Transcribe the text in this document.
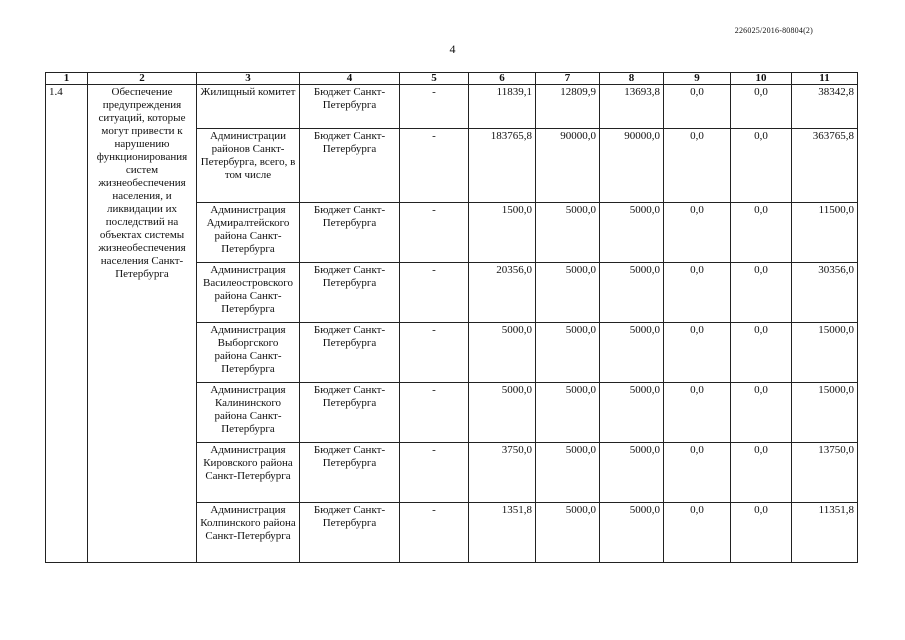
226025/2016-80804(2)
4
1	2	3	4	5	6	7	8	9	10	11
1.4	Обеспечение предупреждения ситуаций, которые могут привести к нарушению функционирования систем жизнеобеспечения населения, и ликвидации их последствий на объектах системы жизнеобеспечения населения Санкт-Петербурга	Жилищный комитет	Бюджет Санкт-Петербурга	-	11839,1	12809,9	13693,8	0,0	0,0	38342,8
		Администрации районов Санкт-Петербурга, всего, в том числе	Бюджет Санкт-Петербурга	-	183765,8	90000,0	90000,0	0,0	0,0	363765,8
		Администрация Адмиралтейского района Санкт-Петербурга	Бюджет Санкт-Петербурга	-	1500,0	5000,0	5000,0	0,0	0,0	11500,0
		Администрация Василеостровского района Санкт-Петербурга	Бюджет Санкт-Петербурга	-	20356,0	5000,0	5000,0	0,0	0,0	30356,0
		Администрация Выборгского района Санкт-Петербурга	Бюджет Санкт-Петербурга	-	5000,0	5000,0	5000,0	0,0	0,0	15000,0
		Администрация Калининского района Санкт-Петербурга	Бюджет Санкт-Петербурга	-	5000,0	5000,0	5000,0	0,0	0,0	15000,0
		Администрация Кировского района Санкт-Петербурга	Бюджет Санкт-Петербурга	-	3750,0	5000,0	5000,0	0,0	0,0	13750,0
		Администрация Колпинского района Санкт-Петербурга	Бюджет Санкт-Петербурга	-	1351,8	5000,0	5000,0	0,0	0,0	11351,8
